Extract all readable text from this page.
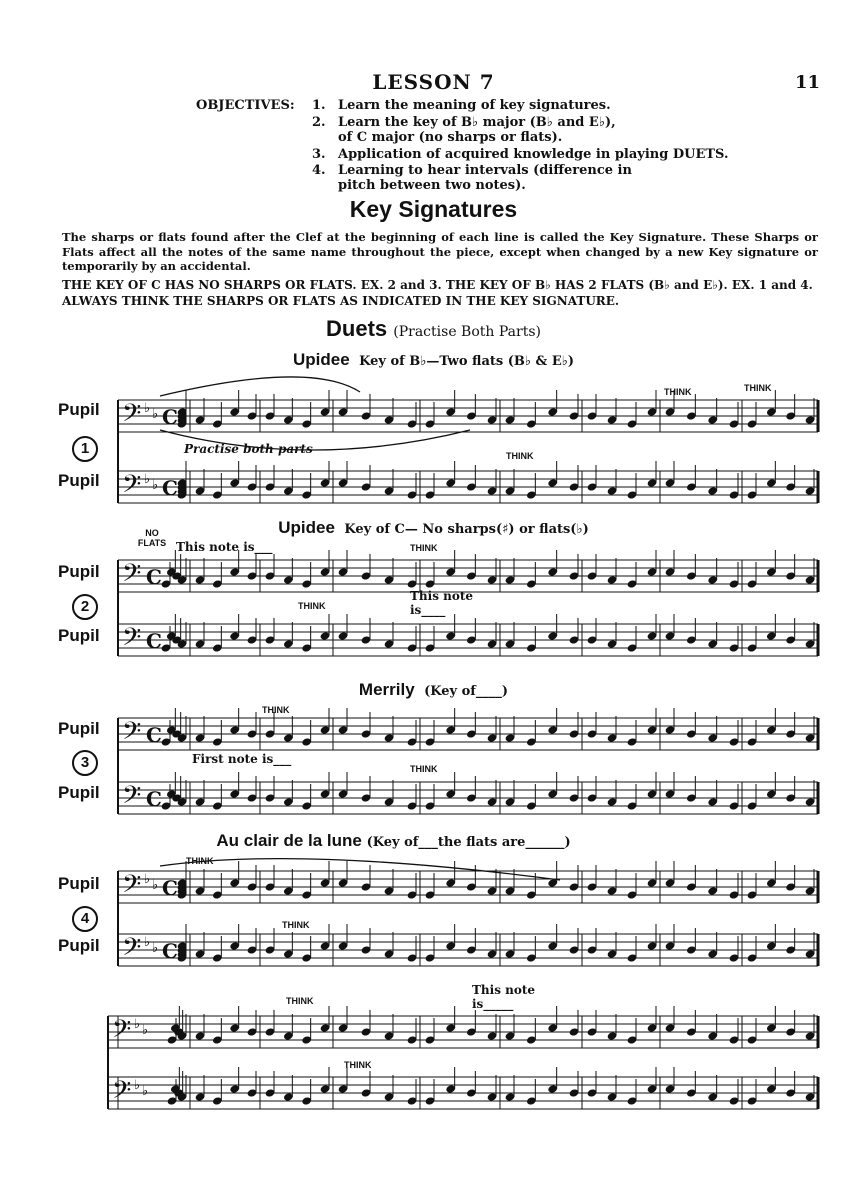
LESSON 7	11
OBJECTIVES: 1. Learn the meaning of key signatures.
2. Learn the key of B♭ major (B♭ and E♭),
of C major (no sharps or flats).
3. Application of acquired knowledge in playing DUETS.
4. Learning to hear intervals (difference in
pitch between two notes).
Key Signatures
The sharps or flats found after the Clef at the beginning of each line is called the Key Signature. These Sharps or Flats affect all the notes of the same name throughout the piece, except when changed by a new Key signature or temporarily by an accidental.
THE KEY OF C HAS NO SHARPS OR FLATS. EX. 2 and 3. THE KEY OF B♭ HAS 2 FLATS (B♭ and E♭). EX. 1 and 4. ALWAYS THINK THE SHARPS OR FLATS AS INDICATED IN THE KEY SIGNATURE.
Duets (Practise Both Parts)
Upidee Key of B♭—Two flats (B♭ & E♭)
Pupil
1
Pupil
Practise both parts	THINK
THINK	THINK
Upidee Key of C— No sharps(♯) or flats(♭)
NO FLATS This note is___	THINK
Pupil
2
Pupil
THINK
This note
is____
Merrily (Key of____)
THINK
Pupil
First note is___
3	THINK
Pupil
Au clair de la lune (Key of___the flats are______)
THINK
Pupil
4	THINK
Pupil
THINK
This note
is_____
THINK
𝄢 ♭ ♭ C
𝄢 ♭ ♭ C
𝄢 C
𝄢 C
𝄢 C
𝄢 C
𝄢 ♭ ♭ C
𝄢 ♭ ♭ C
𝄢 ♭ ♭
𝄢 ♭ ♭
